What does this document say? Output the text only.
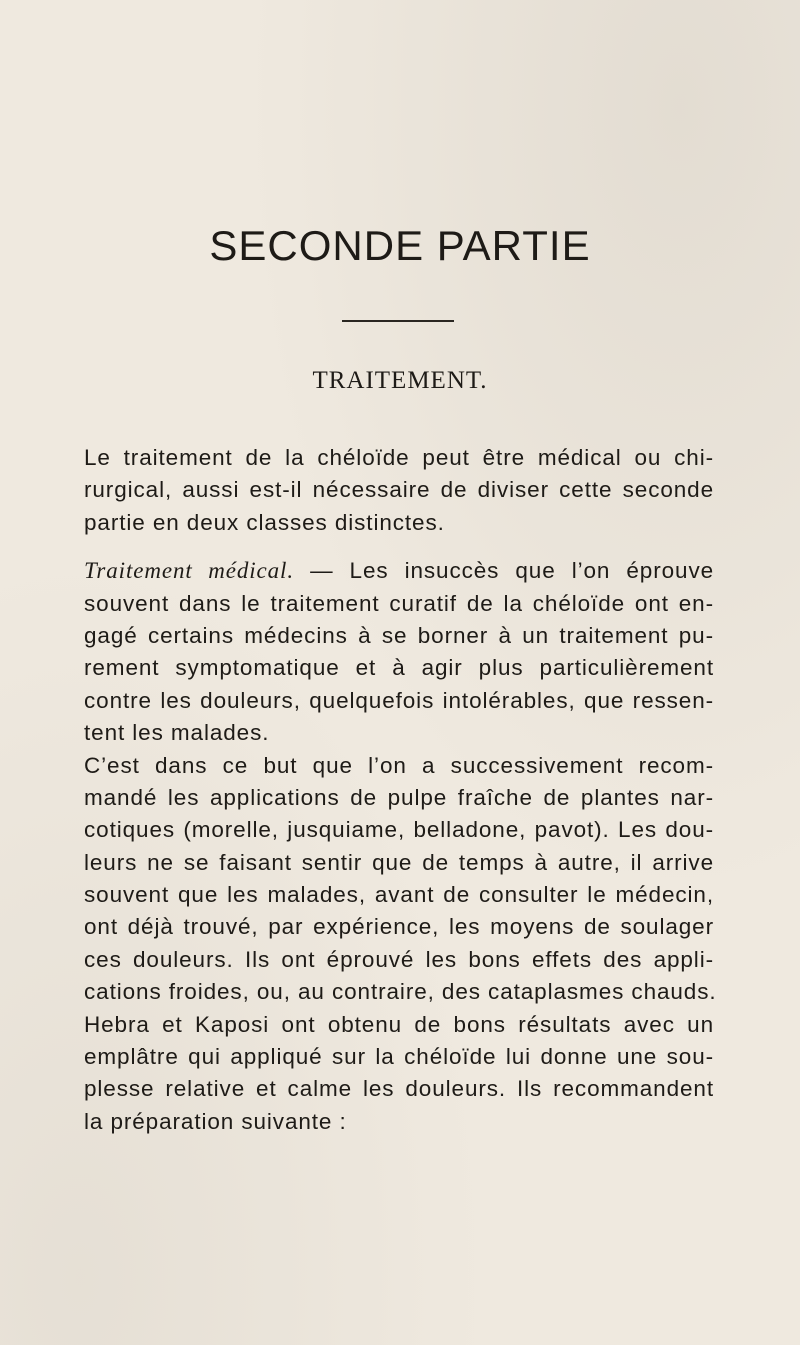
SECONDE PARTIE
TRAITEMENT.
Le traitement de la chéloïde peut être médical ou chi-
rurgical, aussi est-il nécessaire de diviser cette seconde
partie en deux classes distinctes.
Traitement médical. — Les insuccès que l’on éprouve
souvent dans le traitement curatif de la chéloïde ont en-
gagé certains médecins à se borner à un traitement pu-
rement symptomatique et à agir plus particulièrement
contre les douleurs, quelquefois intolérables, que ressen-
tent les malades.
C’est dans ce but que l’on a successivement recom-
mandé les applications de pulpe fraîche de plantes nar-
cotiques (morelle, jusquiame, belladone, pavot). Les dou-
leurs ne se faisant sentir que de temps à autre, il arrive
souvent que les malades, avant de consulter le médecin,
ont déjà trouvé, par expérience, les moyens de soulager
ces douleurs. Ils ont éprouvé les bons effets des appli-
cations froides, ou, au contraire, des cataplasmes chauds.
Hebra et Kaposi ont obtenu de bons résultats avec un
emplâtre qui appliqué sur la chéloïde lui donne une sou-
plesse relative et calme les douleurs. Ils recommandent
la préparation suivante :
